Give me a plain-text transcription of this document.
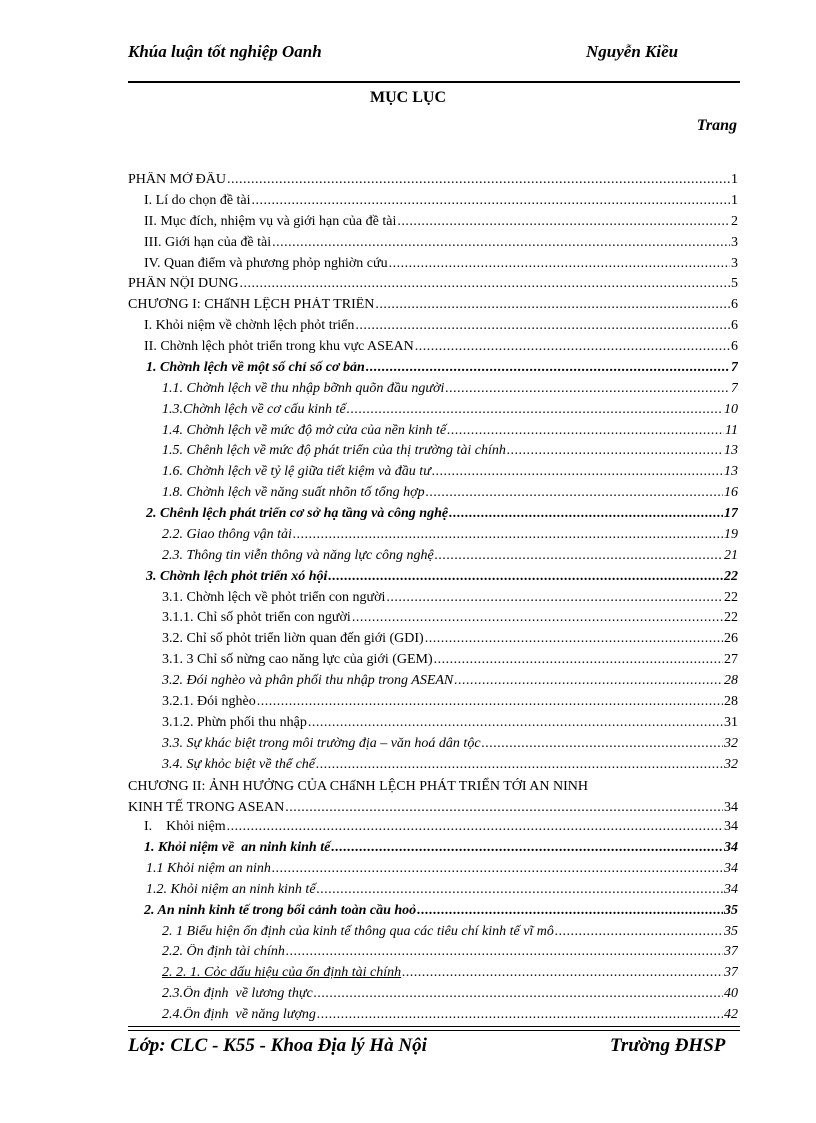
Khúa luận tốt nghiệp Oanh	Nguyễn Kiều
MỤC LỤC
Trang
PHẦN MỞ ĐẦU .....	1
I. Lí do chọn đề tài .....	1
II. Mục đích, nhiệm vụ và giới hạn của đề tài .....	2
III. Giới hạn của đề tài .....	3
IV. Quan điểm và phương phỏp nghiờn cứu .....	3
PHẦN NỘI DUNG .....	5
CHƯƠNG I: CHấNH LỆCH PHÁT TRIỂN .....	6
I. Khỏi niệm về chờnh lệch phỏt triển .....	6
II. Chờnh lệch phỏt triển trong khu vực ASEAN .....	6
1. Chờnh lệch về một số chỉ số cơ bản .....	7
1.1. Chờnh lệch về thu nhập bỡnh quõn đầu người .....	7
1.3.Chờnh lệch về cơ cấu kinh tế .....	10
1.4. Chờnh lệch về mức độ mở cửa của nền kinh tế .....	11
1.5. Chênh lệch về mức độ phát triển của thị trường tài chính .....	13
1.6. Chờnh lệch về tỷ lệ giữa tiết kiệm và đầu tư .....	13
1.8. Chờnh lệch về năng suất nhõn tố tổng hợp .....	16
2. Chênh lệch phát triển cơ sở hạ tầng và công nghệ .....	17
2.2. Giao thông vận tải .....	19
2.3. Thông tin viễn thông và năng lực công nghệ .....	21
3. Chờnh lệch phỏt triển xó hội .....	22
3.1. Chờnh lệch về phỏt triển con người .....	22
3.1.1. Chỉ số phỏt triển con người .....	22
3.2. Chỉ số phỏt triển liờn quan đến giới (GDI) .....	26
3.1. 3 Chỉ số nừng cao năng lực của giới (GEM) .....	27
3.2. Đói nghèo và phân phối thu nhập trong ASEAN .....	28
3.2.1. Đói nghèo .....	28
3.1.2. Phừn phối thu nhập .....	31
3.3. Sự khác biệt trong môi trường địa – văn hoá dân tộc .....	32
3.4. Sự khỏc biệt về thể chế .....	32
CHƯƠNG II: ẢNH HƯỞNG CỦA CHấNH LỆCH PHÁT TRIỂN TỚI AN NINH
KINH TẾ TRONG ASEAN .....	34
I.    Khỏi niệm .....	34
1. Khỏi niệm về  an ninh kinh tế .....	34
1.1 Khỏi niệm an ninh .....	34
1.2. Khỏi niệm an ninh kinh tế .....	34
2. An ninh kinh tế trong bối cảnh toàn cầu hoỏ .....	35
2. 1 Biểu hiện ổn định của kinh tế thông qua các tiêu chí kinh tế vĩ mô .....	35
2.2. Ổn định tài chính .....	37
2. 2. 1. Cỏc dấu hiệu của ổn định tài chính .....	37
2.3.Ổn định  về lương thực .....	40
2.4.Ổn định  về năng lượng .....	42
Lớp: CLC - K55 - Khoa Địa lý Hà Nội	Trường ĐHSP
